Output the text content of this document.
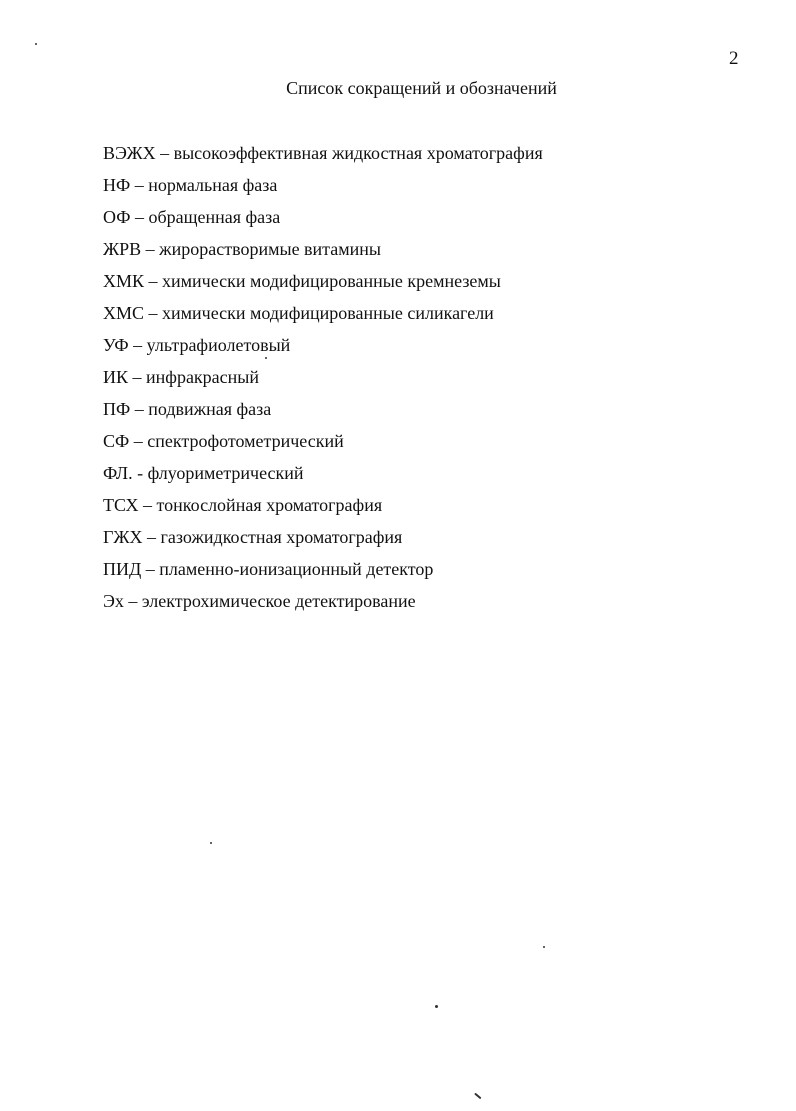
2
Список сокращений и обозначений
ВЭЖХ – высокоэффективная жидкостная хроматография
НФ – нормальная фаза
ОФ – обращенная фаза
ЖРВ – жирорастворимые витамины
ХМК – химически модифицированные кремнеземы
ХМС – химически модифицированные силикагели
УФ – ультрафиолетовый
ИК – инфракрасный
ПФ – подвижная фаза
СФ – спектрофотометрический
ФЛ. - флуориметрический
ТСХ – тонкослойная хроматография
ГЖХ – газожидкостная хроматография
ПИД – пламенно-ионизационный детектор
Эх – электрохимическое детектирование
